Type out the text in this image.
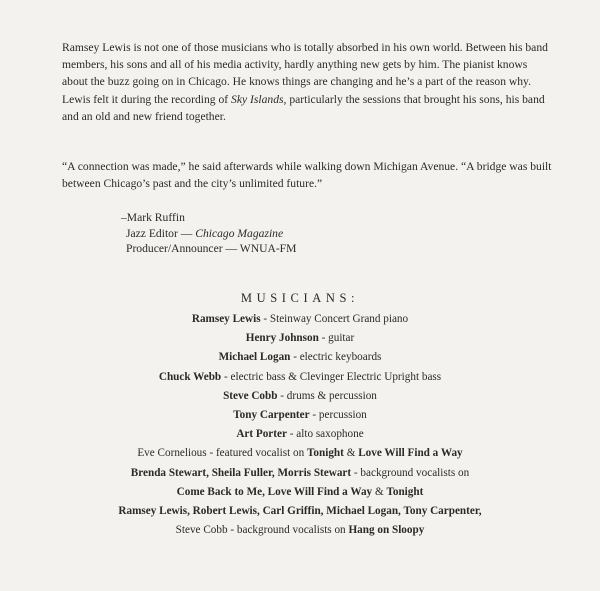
Ramsey Lewis is not one of those musicians who is totally absorbed in his own world. Between his band members, his sons and all of his media activity, hardly anything new gets by him. The pianist knows about the buzz going on in Chicago. He knows things are changing and he’s a part of the reason why. Lewis felt it during the recording of Sky Islands, particularly the sessions that brought his sons, his band and an old and new friend together.

“A connection was made,” he said afterwards while walking down Michigan Avenue. “A bridge was built between Chicago’s past and the city’s unlimited future.”

–Mark Ruffin
Jazz Editor — Chicago Magazine
Producer/Announcer — WNUA-FM
MUSICIANS:
Ramsey Lewis - Steinway Concert Grand piano
Henry Johnson - guitar
Michael Logan - electric keyboards
Chuck Webb - electric bass & Clevinger Electric Upright bass
Steve Cobb - drums & percussion
Tony Carpenter - percussion
Art Porter - alto saxophone
Eve Cornelious - featured vocalist on Tonight & Love Will Find a Way
Brenda Stewart, Sheila Fuller, Morris Stewart - background vocalists on
Come Back to Me, Love Will Find a Way & Tonight
Ramsey Lewis, Robert Lewis, Carl Griffin, Michael Logan, Tony Carpenter,
Steve Cobb - background vocalists on Hang on Sloopy
